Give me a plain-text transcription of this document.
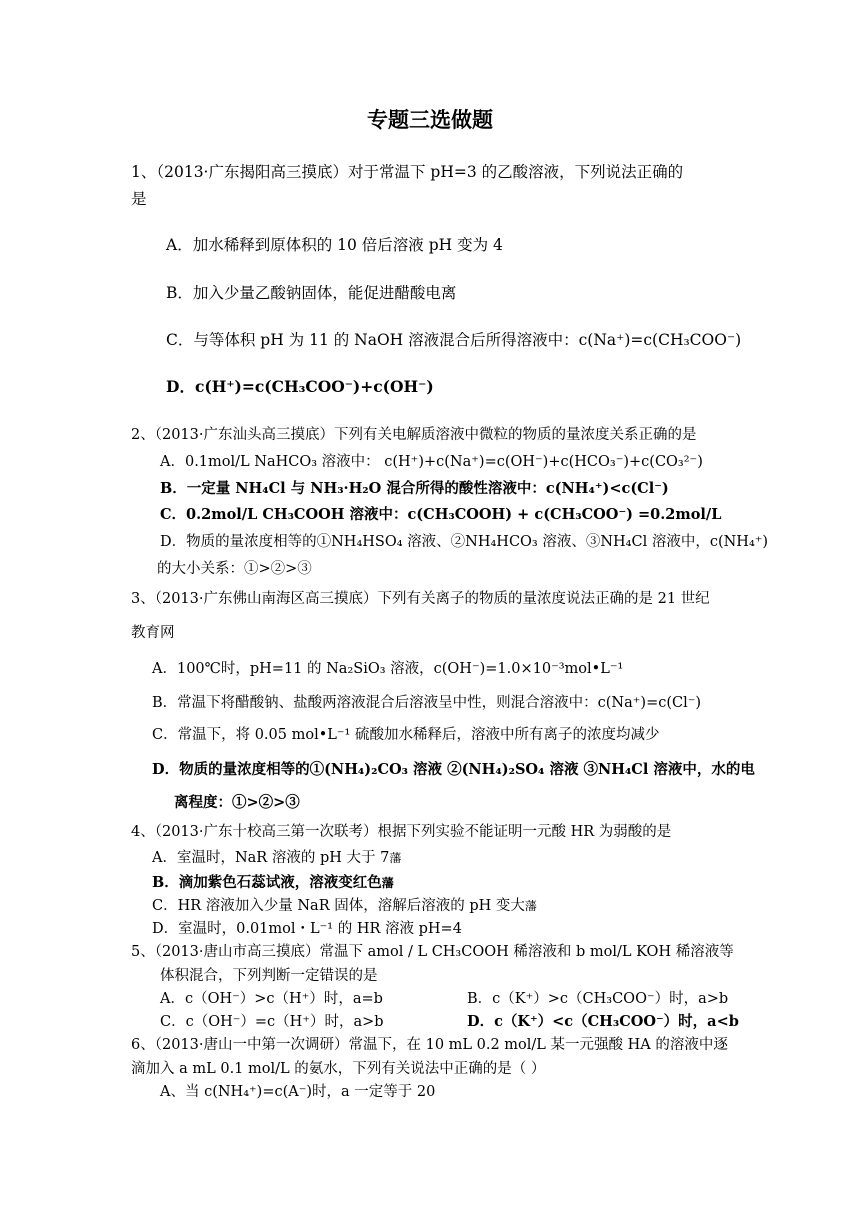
专题三选做题

1、（2013·广东揭阳高三摸底）对于常温下 pH=3 的乙酸溶液，下列说法正确的

是

A．加水稀释到原体积的 10 倍后溶液 pH 变为 4

B．加入少量乙酸钠固体，能促进醋酸电离

C．与等体积 pH 为 11 的 NaOH 溶液混合后所得溶液中：c(Na⁺)=c(CH₃COO⁻)

D．c(H⁺)=c(CH₃COO⁻)+c(OH⁻)

2、（2013·广东汕头高三摸底）下列有关电解质溶液中微粒的物质的量浓度关系正确的是

A．0.1mol/L NaHCO₃ 溶液中： c(H⁺)+c(Na⁺)=c(OH⁻)+c(HCO₃⁻)+c(CO₃²⁻)

B．一定量 NH₄Cl 与 NH₃·H₂O 混合所得的酸性溶液中：c(NH₄⁺)<c(Cl⁻)

C．0.2mol/L CH₃COOH 溶液中：c(CH₃COOH) + c(CH₃COO⁻) =0.2mol/L

D．物质的量浓度相等的①NH₄HSO₄ 溶液、②NH₄HCO₃ 溶液、③NH₄Cl 溶液中，c(NH₄⁺)

的大小关系：①>②>③

3、（2013·广东佛山南海区高三摸底）下列有关离子的物质的量浓度说法正确的是 21 世纪

教育网

A．100℃时，pH=11 的 Na₂SiO₃ 溶液，c(OH⁻)=1.0×10⁻³mol•L⁻¹

B．常温下将醋酸钠、盐酸两溶液混合后溶液呈中性，则混合溶液中：c(Na⁺)=c(Cl⁻)

C．常温下，将 0.05 mol•L⁻¹ 硫酸加水稀释后，溶液中所有离子的浓度均减少

D．物质的量浓度相等的①(NH₄)₂CO₃ 溶液 ②(NH₄)₂SO₄ 溶液 ③NH₄Cl 溶液中，水的电

离程度：①>②>③

4、（2013·广东十校高三第一次联考）根据下列实验不能证明一元酸 HR 为弱酸的是

A．室温时，NaR 溶液的 pH 大于 7藩

B．滴加紫色石蕊试液，溶液变红色藩

C．HR 溶液加入少量 NaR 固体，溶解后溶液的 pH 变大藩

D．室温时，0.01mol・L⁻¹ 的 HR 溶液 pH=4

5、（2013·唐山市高三摸底）常温下 amol / L CH₃COOH 稀溶液和 b mol/L KOH 稀溶液等

体积混合，下列判断一定错误的是

A．c（OH⁻）>c（H⁺）时，a=b	B．c（K⁺）>c（CH₃COO⁻）时，a>b

C．c（OH⁻）=c（H⁺）时，a>b	D．c（K⁺）<c（CH₃COO⁻）时，a<b

6、（2013·唐山一中第一次调研）常温下，在 10 mL 0.2 mol/L 某一元强酸 HA 的溶液中逐

滴加入 a mL 0.1 mol/L 的氨水，下列有关说法中正确的是（ ）

A、当 c(NH₄⁺)=c(A⁻)时，a 一定等于 20
